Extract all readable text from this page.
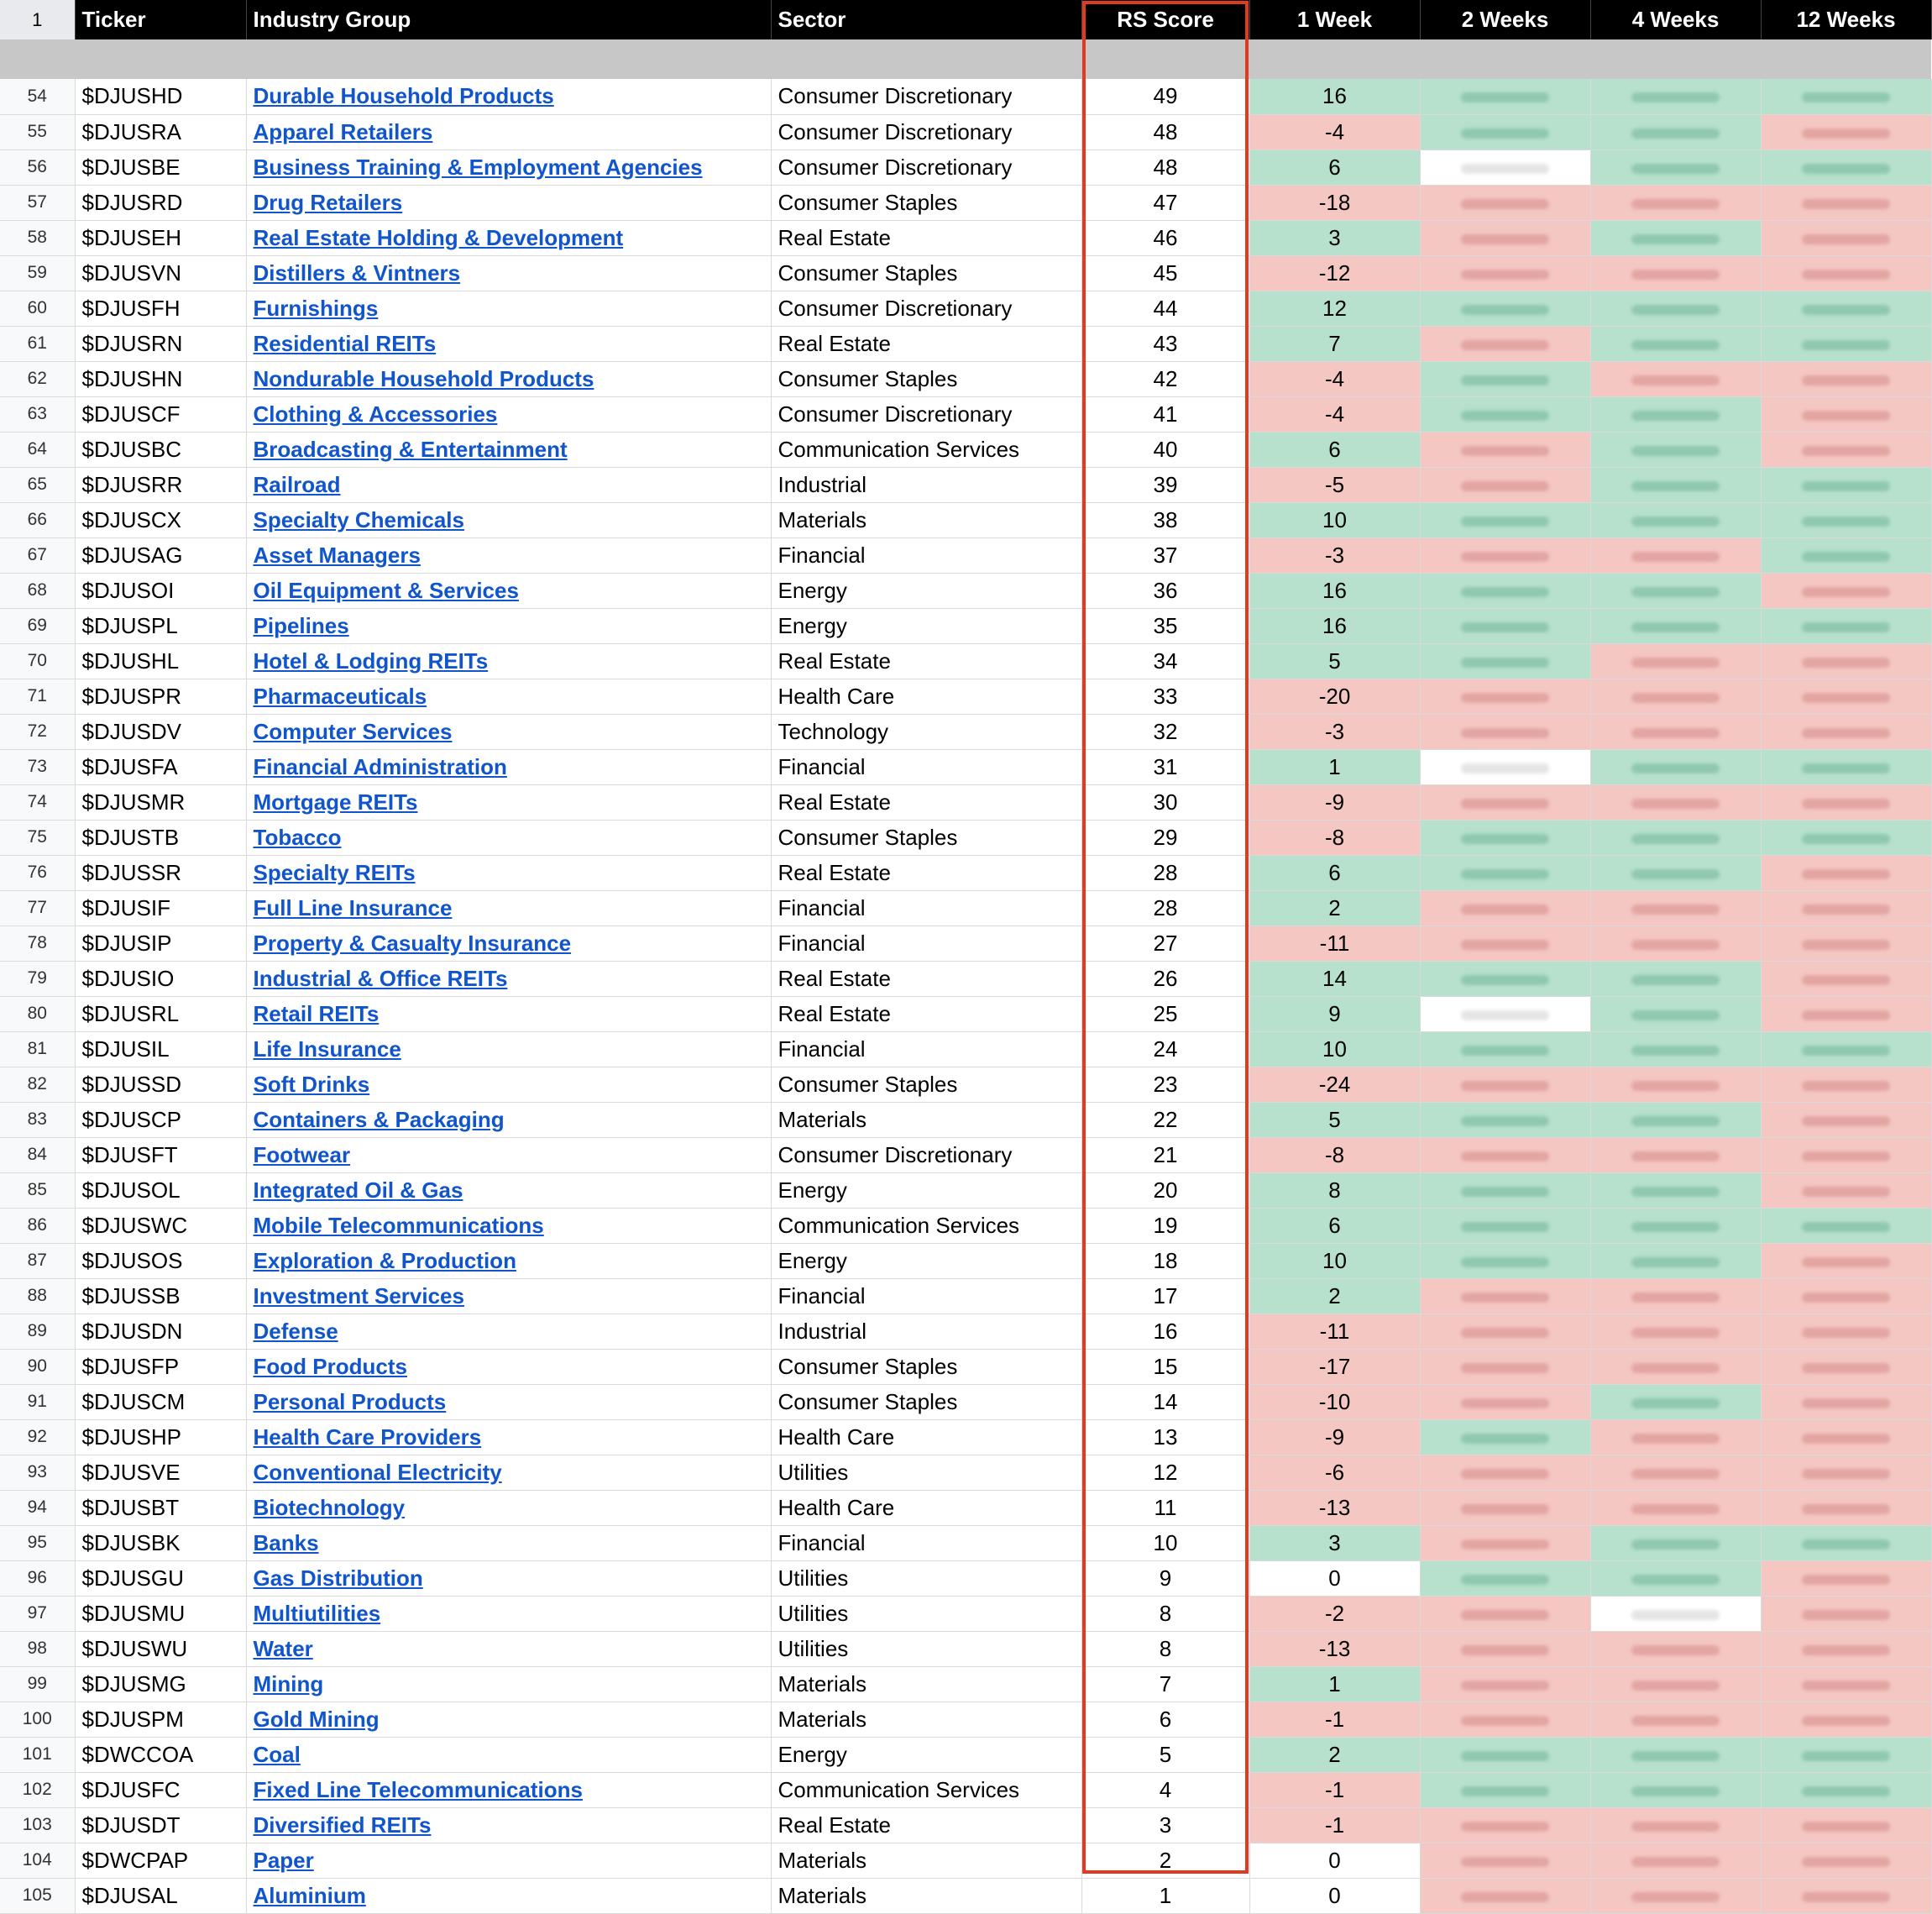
1	Ticker	Industry Group	Sector	RS Score	1 Week	2 Weeks	4 Weeks	12 Weeks

54	$DJUSHD	Durable Household Products	Consumer Discretionary	49	16			
55	$DJUSRA	Apparel Retailers	Consumer Discretionary	48	-4			
56	$DJUSBE	Business Training & Employment Agencies	Consumer Discretionary	48	6			
57	$DJUSRD	Drug Retailers	Consumer Staples	47	-18			
58	$DJUSEH	Real Estate Holding & Development	Real Estate	46	3			
59	$DJUSVN	Distillers & Vintners	Consumer Staples	45	-12			
60	$DJUSFH	Furnishings	Consumer Discretionary	44	12			
61	$DJUSRN	Residential REITs	Real Estate	43	7			
62	$DJUSHN	Nondurable Household Products	Consumer Staples	42	-4			
63	$DJUSCF	Clothing & Accessories	Consumer Discretionary	41	-4			
64	$DJUSBC	Broadcasting & Entertainment	Communication Services	40	6			
65	$DJUSRR	Railroad	Industrial	39	-5			
66	$DJUSCX	Specialty Chemicals	Materials	38	10			
67	$DJUSAG	Asset Managers	Financial	37	-3			
68	$DJUSOI	Oil Equipment & Services	Energy	36	16			
69	$DJUSPL	Pipelines	Energy	35	16			
70	$DJUSHL	Hotel & Lodging REITs	Real Estate	34	5			
71	$DJUSPR	Pharmaceuticals	Health Care	33	-20			
72	$DJUSDV	Computer Services	Technology	32	-3			
73	$DJUSFA	Financial Administration	Financial	31	1			
74	$DJUSMR	Mortgage REITs	Real Estate	30	-9			
75	$DJUSTB	Tobacco	Consumer Staples	29	-8			
76	$DJUSSR	Specialty REITs	Real Estate	28	6			
77	$DJUSIF	Full Line Insurance	Financial	28	2			
78	$DJUSIP	Property & Casualty Insurance	Financial	27	-11			
79	$DJUSIO	Industrial & Office REITs	Real Estate	26	14			
80	$DJUSRL	Retail REITs	Real Estate	25	9			
81	$DJUSIL	Life Insurance	Financial	24	10			
82	$DJUSSD	Soft Drinks	Consumer Staples	23	-24			
83	$DJUSCP	Containers & Packaging	Materials	22	5			
84	$DJUSFT	Footwear	Consumer Discretionary	21	-8			
85	$DJUSOL	Integrated Oil & Gas	Energy	20	8			
86	$DJUSWC	Mobile Telecommunications	Communication Services	19	6			
87	$DJUSOS	Exploration & Production	Energy	18	10			
88	$DJUSSB	Investment Services	Financial	17	2			
89	$DJUSDN	Defense	Industrial	16	-11			
90	$DJUSFP	Food Products	Consumer Staples	15	-17			
91	$DJUSCM	Personal Products	Consumer Staples	14	-10			
92	$DJUSHP	Health Care Providers	Health Care	13	-9			
93	$DJUSVE	Conventional Electricity	Utilities	12	-6			
94	$DJUSBT	Biotechnology	Health Care	11	-13			
95	$DJUSBK	Banks	Financial	10	3			
96	$DJUSGU	Gas Distribution	Utilities	9	0			
97	$DJUSMU	Multiutilities	Utilities	8	-2			
98	$DJUSWU	Water	Utilities	8	-13			
99	$DJUSMG	Mining	Materials	7	1			
100	$DJUSPM	Gold Mining	Materials	6	-1			
101	$DWCCOA	Coal	Energy	5	2			
102	$DJUSFC	Fixed Line Telecommunications	Communication Services	4	-1			
103	$DJUSDT	Diversified REITs	Real Estate	3	-1			
104	$DWCPAP	Paper	Materials	2	0			
105	$DJUSAL	Aluminium	Materials	1	0			
